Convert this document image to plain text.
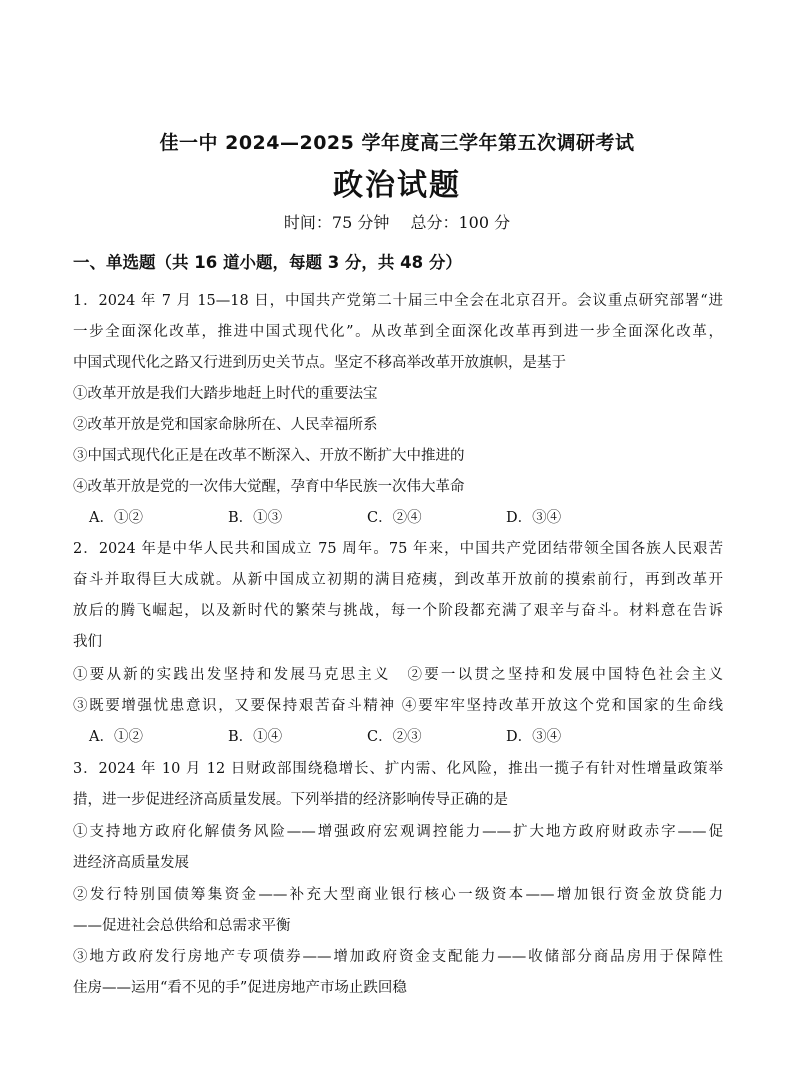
佳一中 2024—2025 学年度高三学年第五次调研考试
政治试题
时间：75 分钟 总分：100 分
一、单选题（共 16 道小题，每题 3 分，共 48 分）
1．2024 年 7 月 15—18 日，中国共产党第二十届三中全会在北京召开。会议重点研究部署“进
一步全面深化改革，推进中国式现代化”。从改革到全面深化改革再到进一步全面深化改革，
中国式现代化之路又行进到历史关节点。坚定不移高举改革开放旗帜，是基于
①改革开放是我们大踏步地赶上时代的重要法宝
②改革开放是党和国家命脉所在、人民幸福所系
③中国式现代化正是在改革不断深入、开放不断扩大中推进的
④改革开放是党的一次伟大觉醒，孕育中华民族一次伟大革命
A．①②	B．①③	C．②④	D．③④
2．2024 年是中华人民共和国成立 75 周年。75 年来，中国共产党团结带领全国各族人民艰苦
奋斗并取得巨大成就。从新中国成立初期的满目疮痍，到改革开放前的摸索前行，再到改革开
放后的腾飞崛起，以及新时代的繁荣与挑战，每一个阶段都充满了艰辛与奋斗。材料意在告诉
我们
①要从新的实践出发坚持和发展马克思主义　②要一以贯之坚持和发展中国特色社会主义
③既要增强忧患意识，又要保持艰苦奋斗精神 ④要牢牢坚持改革开放这个党和国家的生命线
A．①②	B．①④	C．②③	D．③④
3．2024 年 10 月 12 日财政部围绕稳增长、扩内需、化风险，推出一揽子有针对性增量政策举
措，进一步促进经济高质量发展。下列举措的经济影响传导正确的是
①支持地方政府化解债务风险——增强政府宏观调控能力——扩大地方政府财政赤字——促
进经济高质量发展
②发行特别国债筹集资金——补充大型商业银行核心一级资本——增加银行资金放贷能力
——促进社会总供给和总需求平衡
③地方政府发行房地产专项债券——增加政府资金支配能力——收储部分商品房用于保障性
住房——运用“看不见的手”促进房地产市场止跌回稳
